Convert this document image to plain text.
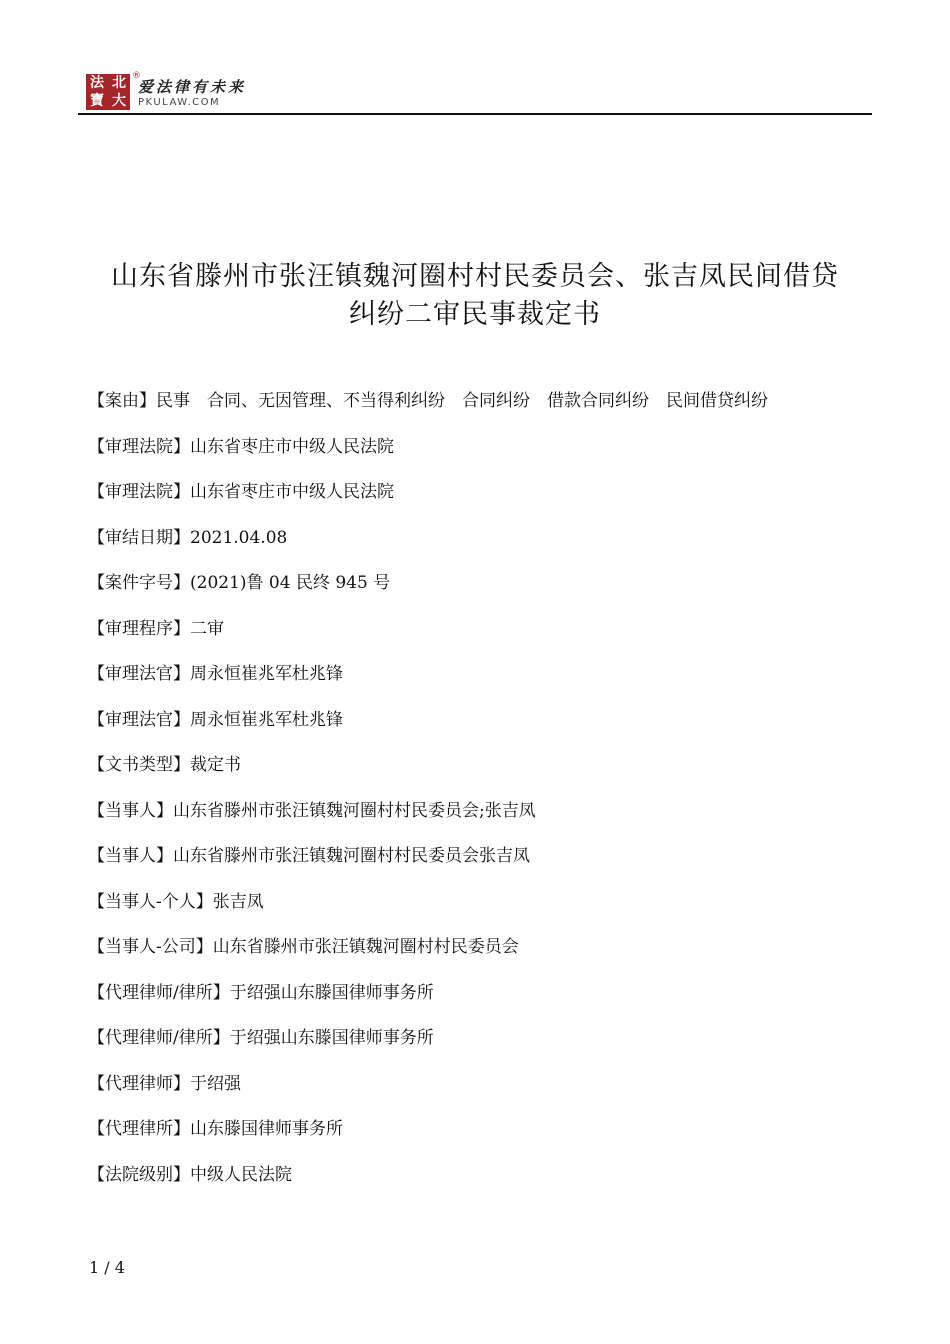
法 北
寶 大
®
爱法律有未来
PKULAW.COM
山东省滕州市张汪镇魏河圈村村民委员会、张吉凤民间借贷
纠纷二审民事裁定书
【案由】民事　合同、无因管理、不当得利纠纷　合同纠纷　借款合同纠纷　民间借贷纠纷
【审理法院】山东省枣庄市中级人民法院
【审理法院】山东省枣庄市中级人民法院
【审结日期】2021.04.08
【案件字号】(2021)鲁 04 民终 945 号
【审理程序】二审
【审理法官】周永恒崔兆军杜兆锋
【审理法官】周永恒崔兆军杜兆锋
【文书类型】裁定书
【当事人】山东省滕州市张汪镇魏河圈村村民委员会;张吉凤
【当事人】山东省滕州市张汪镇魏河圈村村民委员会张吉凤
【当事人-个人】张吉凤
【当事人-公司】山东省滕州市张汪镇魏河圈村村民委员会
【代理律师/律所】于绍强山东滕国律师事务所
【代理律师/律所】于绍强山东滕国律师事务所
【代理律师】于绍强
【代理律所】山东滕国律师事务所
【法院级别】中级人民法院
1 / 4
